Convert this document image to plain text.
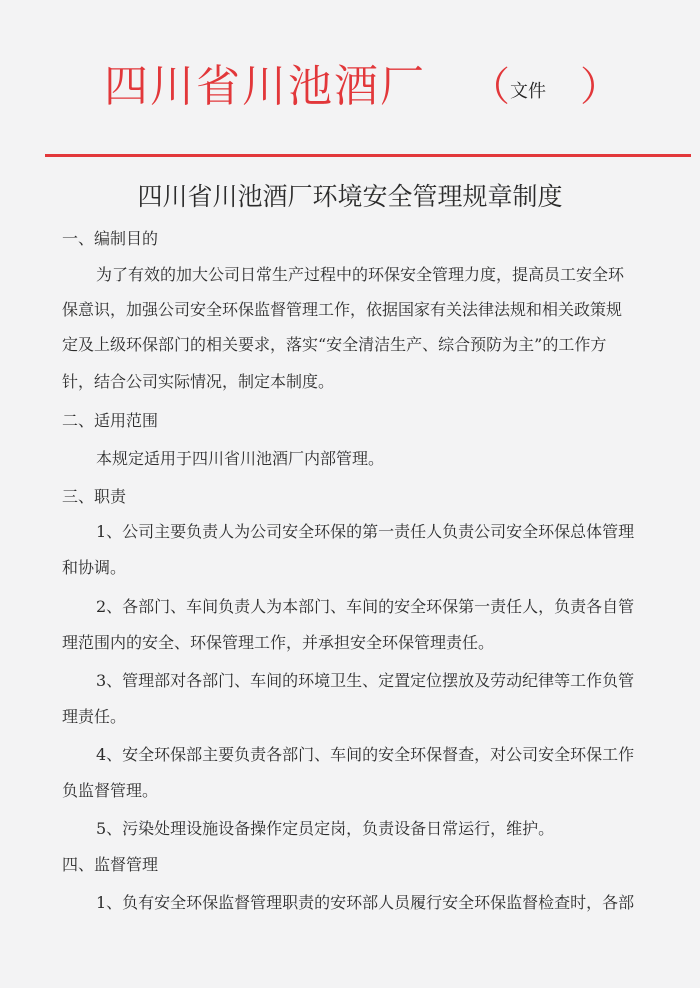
四川省川池酒厂 （ 文件 ）
四川省川池酒厂环境安全管理规章制度
一、编制目的
为了有效的加大公司日常生产过程中的环保安全管理力度，提高员工安全环
保意识，加强公司安全环保监督管理工作，依据国家有关法律法规和相关政策规
定及上级环保部门的相关要求，落实“安全清洁生产、综合预防为主”的工作方
针，结合公司实际情况，制定本制度。
二、适用范围
本规定适用于四川省川池酒厂内部管理。
三、职责
1、公司主要负责人为公司安全环保的第一责任人负责公司安全环保总体管理
和协调。
2、各部门、车间负责人为本部门、车间的安全环保第一责任人，负责各自管
理范围内的安全、环保管理工作，并承担安全环保管理责任。
3、管理部对各部门、车间的环境卫生、定置定位摆放及劳动纪律等工作负管
理责任。
4、安全环保部主要负责各部门、车间的安全环保督查，对公司安全环保工作
负监督管理。
5、污染处理设施设备操作定员定岗，负责设备日常运行，维护。
四、监督管理
1、负有安全环保监督管理职责的安环部人员履行安全环保监督检查时，各部
